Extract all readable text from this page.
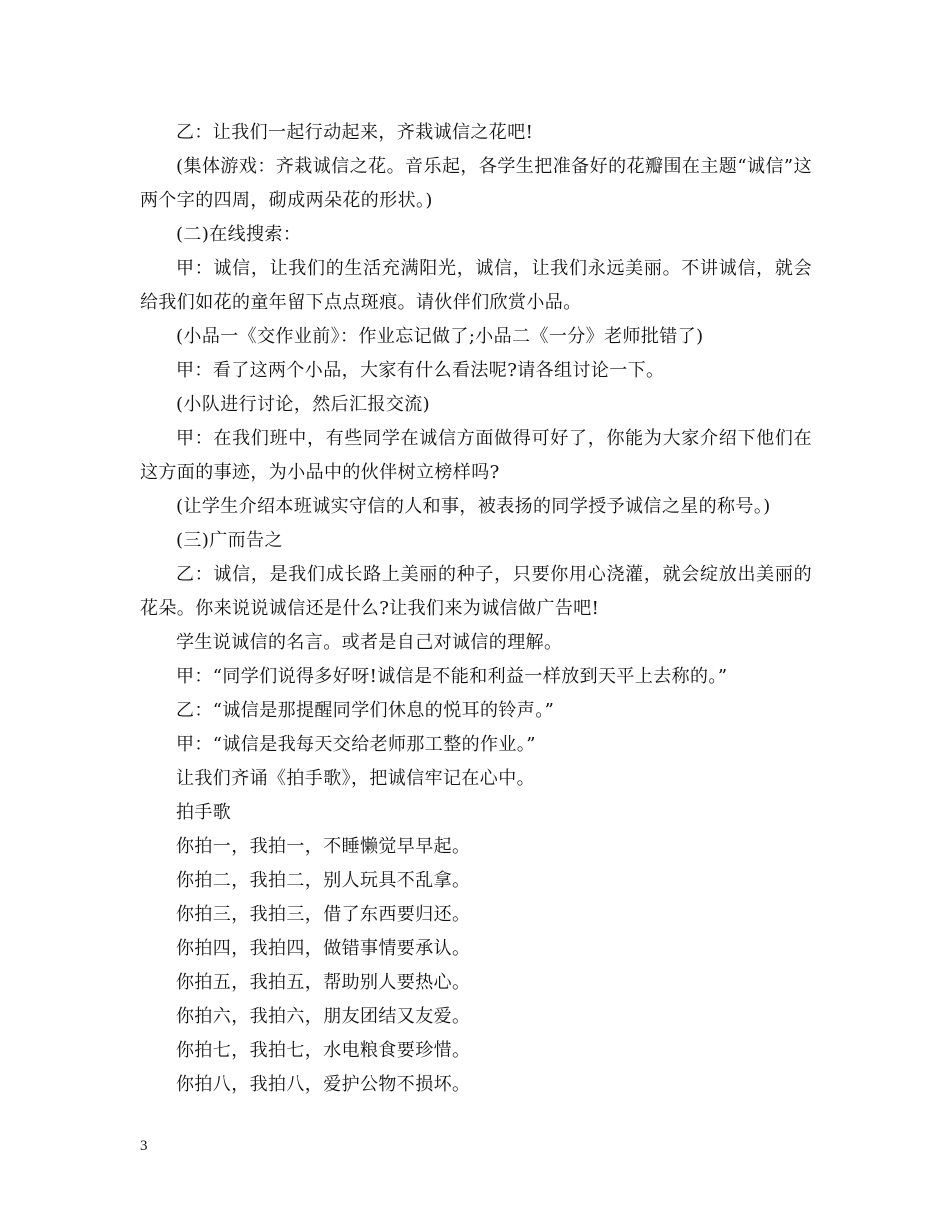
乙：让我们一起行动起来，齐栽诚信之花吧!

(集体游戏：齐栽诚信之花。音乐起，各学生把准备好的花瓣围在主题“诚信”这两个字的四周，砌成两朵花的形状。)

(二)在线搜索：

甲：诚信，让我们的生活充满阳光，诚信，让我们永远美丽。不讲诚信，就会给我们如花的童年留下点点斑痕。请伙伴们欣赏小品。

(小品一《交作业前》：作业忘记做了;小品二《一分》老师批错了)

甲：看了这两个小品，大家有什么看法呢?请各组讨论一下。

(小队进行讨论，然后汇报交流)

甲：在我们班中，有些同学在诚信方面做得可好了，你能为大家介绍下他们在这方面的事迹，为小品中的伙伴树立榜样吗?

(让学生介绍本班诚实守信的人和事，被表扬的同学授予诚信之星的称号。)

(三)广而告之

乙：诚信，是我们成长路上美丽的种子，只要你用心浇灌，就会绽放出美丽的花朵。你来说说诚信还是什么?让我们来为诚信做广告吧!

学生说诚信的名言。或者是自己对诚信的理解。

甲：“同学们说得多好呀!诚信是不能和利益一样放到天平上去称的。”

乙：“诚信是那提醒同学们休息的悦耳的铃声。”

甲：“诚信是我每天交给老师那工整的作业。”

让我们齐诵《拍手歌》，把诚信牢记在心中。

拍手歌

你拍一，我拍一，不睡懒觉早早起。

你拍二，我拍二，别人玩具不乱拿。

你拍三，我拍三，借了东西要归还。

你拍四，我拍四，做错事情要承认。

你拍五，我拍五，帮助别人要热心。

你拍六，我拍六，朋友团结又友爱。

你拍七，我拍七，水电粮食要珍惜。

你拍八，我拍八，爱护公物不损坏。

3
